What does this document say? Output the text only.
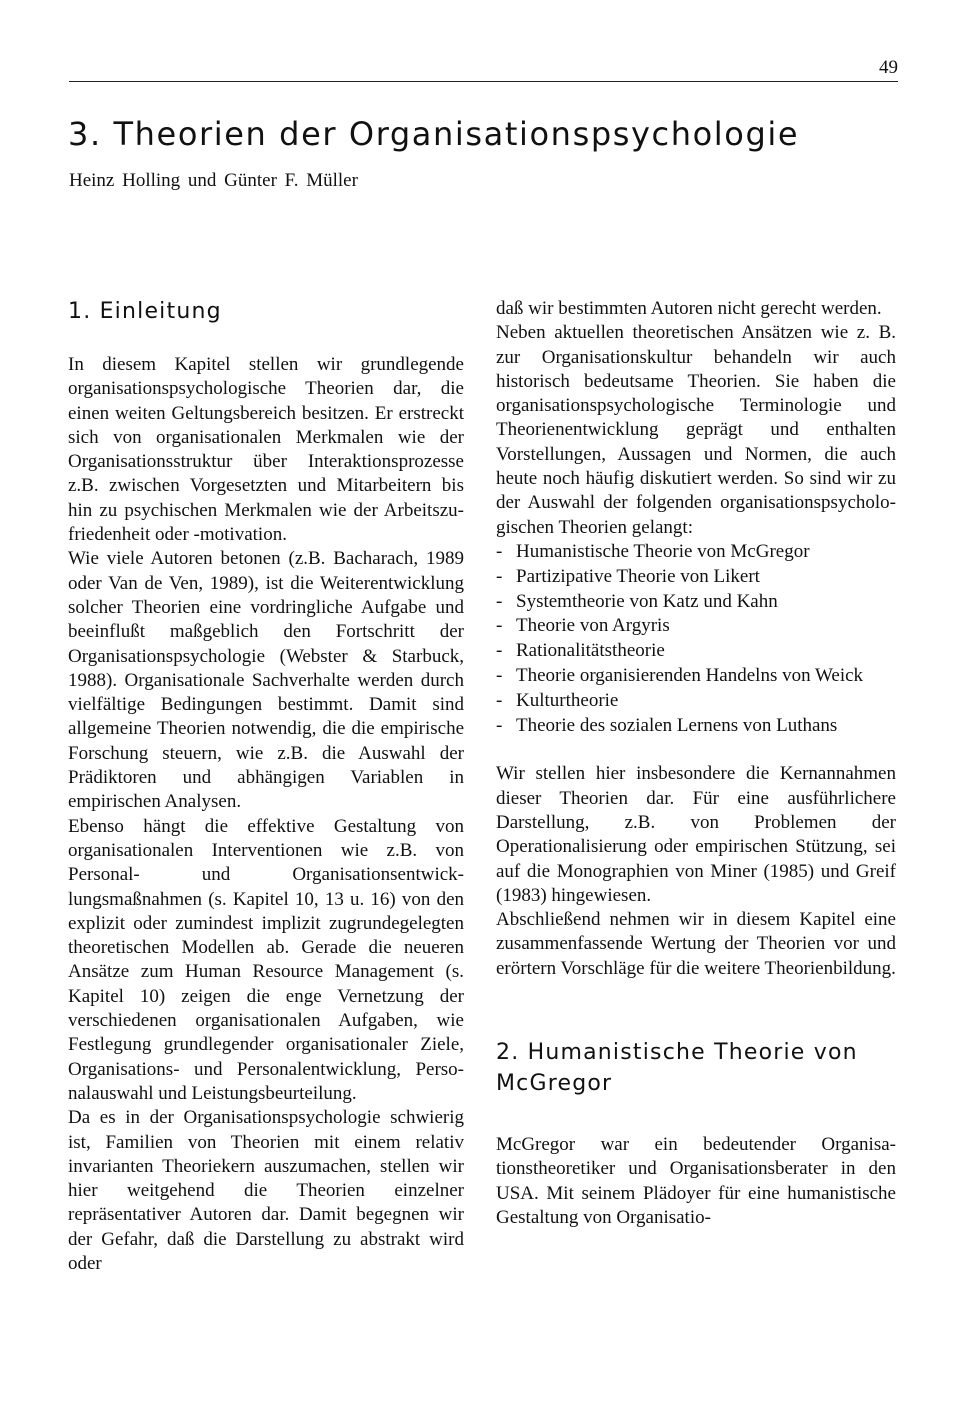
49
3. Theorien der Organisationspsychologie
Heinz Holling und Günter F. Müller
1. Einleitung

In diesem Kapitel stellen wir grundlegende organisationspsychologische Theorien dar, die einen weiten Geltungsbereich besitzen. Er erstreckt sich von organisationalen Merkmalen wie der Organisationsstruktur über Interaktionsprozesse z.B. zwischen Vorgesetzten und Mitarbeitern bis hin zu psychischen Merkmalen wie der Arbeitszufriedenheit oder -motivation.

Wie viele Autoren betonen (z.B. Bacharach, 1989 oder Van de Ven, 1989), ist die Weiterentwicklung solcher Theorien eine vordringliche Aufgabe und beeinflußt maßgeblich den Fortschritt der Organisationspsychologie (Webster & Starbuck, 1988). Organisationale Sachverhalte werden durch vielfältige Bedingungen bestimmt. Damit sind allgemeine Theorien notwendig, die die empirische Forschung steuern, wie z.B. die Auswahl der Prädiktoren und abhängigen Variablen in empirischen Analysen.

Ebenso hängt die effektive Gestaltung von organisationalen Interventionen wie z.B. von Personal- und Organisationsentwicklungsmaßnahmen (s. Kapitel 10, 13 u. 16) von den explizit oder zumindest implizit zugrundegelegten theoretischen Modellen ab. Gerade die neueren Ansätze zum Human Resource Management (s. Kapitel 10) zeigen die enge Vernetzung der verschiedenen organisationalen Aufgaben, wie Festlegung grundlegender organisationaler Ziele, Organisations- und Personalentwicklung, Personalauswahl und Leistungsbeurteilung.

Da es in der Organisationspsychologie schwierig ist, Familien von Theorien mit einem relativ invarianten Theoriekern auszumachen, stellen wir hier weitgehend die Theorien einzelner repräsentativer Autoren dar. Damit begegnen wir der Gefahr, daß die Darstellung zu abstrakt wird oder

daß wir bestimmten Autoren nicht gerecht werden.

Neben aktuellen theoretischen Ansätzen wie z. B. zur Organisationskultur behandeln wir auch historisch bedeutsame Theorien. Sie haben die organisationspsychologische Terminologie und Theorienentwicklung geprägt und enthalten Vorstellungen, Aussagen und Normen, die auch heute noch häufig diskutiert werden. So sind wir zu der Auswahl der folgenden organisationspsychologischen Theorien gelangt:

- Humanistische Theorie von McGregor
- Partizipative Theorie von Likert
- Systemtheorie von Katz und Kahn
- Theorie von Argyris
- Rationalitätstheorie
- Theorie organisierenden Handelns von Weick
- Kulturtheorie
- Theorie des sozialen Lernens von Luthans

Wir stellen hier insbesondere die Kernannahmen dieser Theorien dar. Für eine ausführlichere Darstellung, z.B. von Problemen der Operationalisierung oder empirischen Stützung, sei auf die Monographien von Miner (1985) und Greif (1983) hingewiesen.

Abschließend nehmen wir in diesem Kapitel eine zusammenfassende Wertung der Theorien vor und erörtern Vorschläge für die weitere Theorienbildung.

2. Humanistische Theorie von McGregor

McGregor war ein bedeutender Organisationstheoretiker und Organisationsberater in den USA. Mit seinem Plädoyer für eine humanistische Gestaltung von Organisatio-
